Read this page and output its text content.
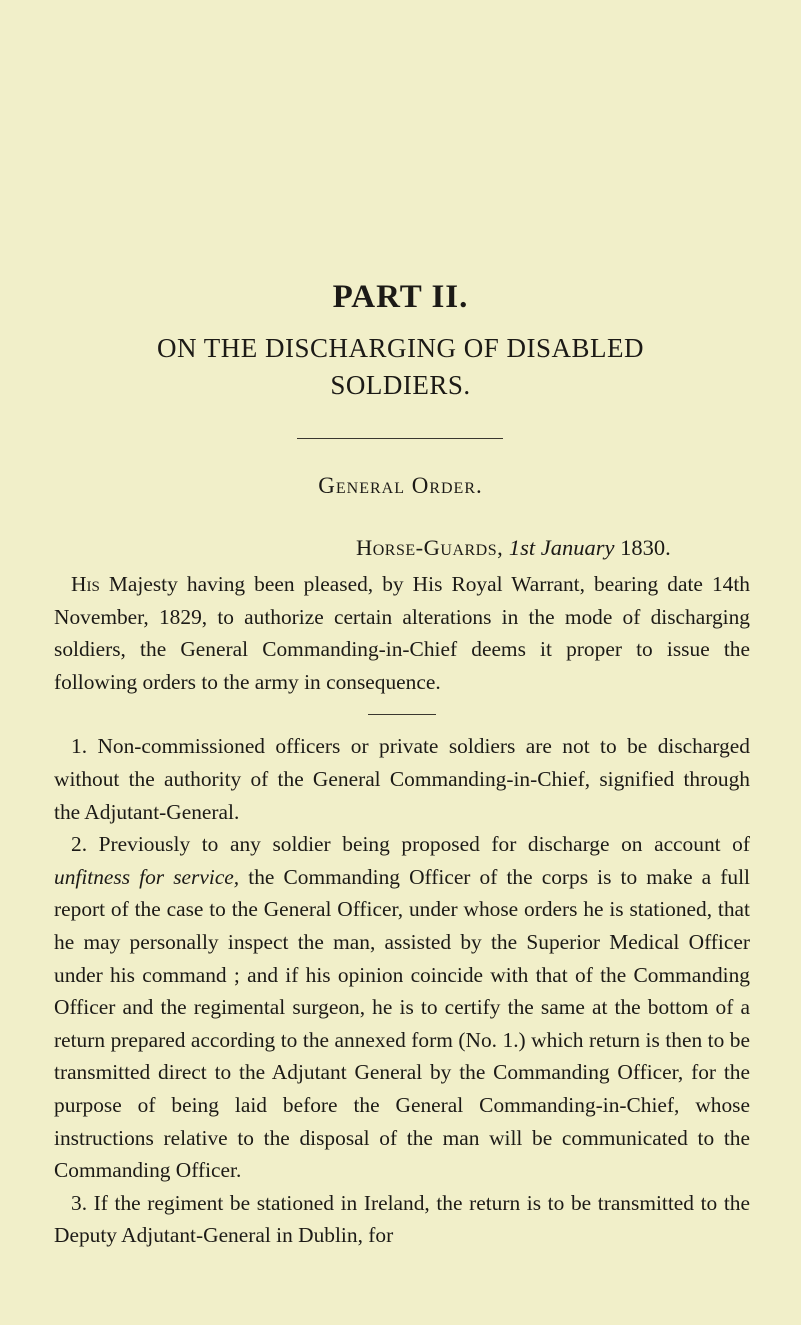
PART II.
ON THE DISCHARGING OF DISABLED
SOLDIERS.
General Order.
Horse-Guards, 1st January 1830.

His Majesty having been pleased, by His Royal Warrant, bearing date 14th November, 1829, to authorize certain alterations in the mode of discharging soldiers, the General Commanding-in-Chief deems it proper to issue the following orders to the army in consequence.

1. Non-commissioned officers or private soldiers are not to be discharged without the authority of the General Commanding-in-Chief, signified through the Adjutant-General.

2. Previously to any soldier being proposed for discharge on account of unfitness for service, the Commanding Officer of the corps is to make a full report of the case to the General Officer, under whose orders he is stationed, that he may personally inspect the man, assisted by the Superior Medical Officer under his command ; and if his opinion coincide with that of the Commanding Officer and the regimental surgeon, he is to certify the same at the bottom of a return prepared according to the annexed form (No. 1.) which return is then to be transmitted direct to the Adjutant General by the Commanding Officer, for the purpose of being laid before the General Commanding-in-Chief, whose instructions relative to the disposal of the man will be communicated to the Commanding Officer.

3. If the regiment be stationed in Ireland, the return is to be transmitted to the Deputy Adjutant-General in Dublin, for
